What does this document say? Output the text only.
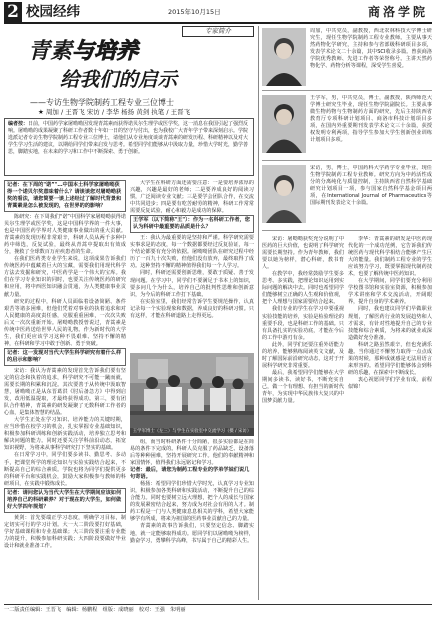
2 校园经纬	2015年10月15日	商洛学院
专家简介
青素与培养
给我们的启示
——专访生物学院制药工程专业三位博士
★ 周加 / 王晋飞 宋访 / 李华 杨扬 黄剑 执笔 / 王晋飞
编者按：日前，中国药学家屠呦呦因发现青蒿素而获得诺贝尔生理学或医学奖，这一消息在我国引起了强烈反响。屠呦呦的成果凝聚了科研工作者数十年如一日的坚守与付出，也为我校广大青年学子带来深刻启示。学院选派记者专访生物学院制药工程专业三位博士，请他们从专业角度谈谈青蒿素的研发历程、科研精神以及对大学生学习生活的建议，以期给同学们带来启发与思考。希望同学们能够从中汲取力量，珍惜大学时光，勤学善思，脚踏实地，在未来的学习和工作中不断探索、勇于创新。
记者：在下周的"诺”"…中国本土科学家屠呦呦获得一个诺贝尔奖意味着什么？请谈谈您对屠呦呦获奖的看法，请您简要一谈上述经过了解时代背景和青蒿素是怎么被发现的，在世界的的影响？

陈研究：在下周我们"诺”中国科学家屠呦呦获得诺贝尔生理学或医学奖，这是中国科学界的一件大事，也是中国医药学界对人类健康事业做出的重大贡献。青蒿素的发现历程非常艰辛，科研人员从两千多种中药中筛选，反复试验，最终从青蒿中提取出有效成分，挽救了全球数百万疟疾患者的生命。

在我们医药类专业学生来说，这项成果告诉我们传统医药中蕴藏着巨大的宝藏，需要我们用现代科学方法去发掘和研究，中医药学是一个伟大的宝库。我们在学习专业知识的同时，也要关注传统医药的研究和应用，将中西医知识融会贯通，为人类健康事业贡献力量。

研究的过程中，科研人员面临着设备简陋、条件艰苦等诸多困难，但他们凭着对事业的执着追求和对人民健康的高度责任感，克服重重困难，一次次失败后又一次次重新开始。屠呦呦教授曾说过，青蒿素是传统中医药送给世界人民的礼物。作为新时代的大学生，我们更应该学习这种不畏艰难、坚持不懈的精神，在科研和学习中敢于创新、勇于突破。

记者：这一发现对当代大学生科学研究有着什么样的启示和影响？

宋访：我认为青蒿素的发现首先告诉我们要有坚定的信念和执着的追求，科学研究不可能一蹴而就，需要长期的积累和沉淀。其次要善于从传统中汲取智慧，屠呦呦正是从东晋葛洪《肘后备急方》中得到启发，改用低温提取，才最终获得成功。第三，要有团队合作精神，青蒿素的研发凝聚了无数科研工作者的心血，是集体智慧的结晶。

大学生正处在学习知识、培养能力的关键时期，应当珍惜在校学习的机会，扎实掌握专业基础知识，积极参加科研训练和创新实践活动，培养独立思考和解决问题的能力。同时还要关注学科前沿动态，拓宽知识视野，为将来从事科学研究打下坚实的基础。

在日常学习中，同学们要多读书、勤思考、多动手，把课堂所学的理论知识与实验实践结合起来，不断提高自己的综合素质。学院也将为同学们提供更多的科研平台和实践机会，鼓励大家积极参与教师的科研项目，在实践中锻炼成长。

记者：请问您认为当代大学生在大学期间应该如何培养自己的科研素养？对于现在的大学生，如何做好大学四年规划？

黄剑：首先要端正学习态度，明确学习目标，制定切实可行的学习计划。大一大二阶段要打好基础，学好基础课程和专业基础课；大三阶段要注重专业能力的提升，积极参加科研实践；大四阶段要做好毕业设计和就业准备工作。

大学生在科研方面还需要注意：一是要培养浓厚的兴趣，兴趣是最好的老师；二是要养成良好的阅读习惯，广泛阅读专业文献；三是要学会团队合作，在交流中共同进步；四是要有吃苦耐劳的精神，科研工作常常需要反复试验，耐心和毅力是成功的保障。

王学军（以下简称"王"）：作为一名科研工作者，您认为科研中最重要的品质是什么？

王：我认为最重要的是坚持和严谨。科学研究需要实事求是的态度，每一个数据都要经过反复验证，每一个结论都要有充分的依据。屠呦呦团队在研究过程中经历了一百九十次失败，但他们没有放弃，最终取得了成功。这种坚持不懈的精神值得我们每一个人学习。

同时，科研还需要创新思维，要敢于质疑、善于发现问题。在学习中，同学们不要满足于书本上的知识，要多问几个为什么，培养自己的批判性思维和创新意识，为今后的科研工作打下基础。

在实验室里，我们经常告诉学生要规范操作，认真记录每一个实验现象和数据，养成良好的科研习惯。只有这样，才能在科研道路上走得更远。

王学军博士（左三）与学生在实验室中交流学习（摄 / 宋访）

组，而当时科研条件十分简陋，很多实验都是在简易的条件下完成的。科研人员克服了药品缺乏、设备落后等种种困难，坚持开展研究工作。他们的奉献精神和家国情怀，值得我们永远铭记和学习。

记者：最后，请您为制药工程专业的学弟学妹们说几句寄语。

杨扬：希望同学们珍惜大学时光，认真学习专业知识，积极参加各类科研和实践活动，不断提升自己的综合能力。同时也要树立远大理想，把个人的成长与国家的发展紧密结合起来，努力成为对社会有用的人才。制药工程是一门与人类健康息息相关的学科，希望大家能够学有所成，将来为祖国的医药事业贡献自己的力量。

青蒿素的故事告诉我们，只要坚定信念、脚踏实地，就一定能够取得成功。愿同学们以屠呦呦为榜样，勤奋学习，勇攀科学高峰，书写属于自己的精彩人生。

周加，中共党员，副教授，西北农林科技大学博士研究生，现任生物学院制药工程专业教师。主要从事天然药物化学研究，主持和参与省部级科研项目多项，发表学术论文二十余篇，其中SCI收录多篇。曾获商洛学院优秀教师、先进工作者等荣誉称号。主讲天然药物化学、药物分析等课程，深受学生喜爱。
王学军，男，中共党员，博士，副教授，陕西师范大学博士研究生毕业，现任生物学院副院长。主要从事微生物药物与生物制药方面的研究，先后主持陕西省教育厅专项科研计划项目、商洛市科技计划项目多项，在国内外重要期刊发表学术论文三十余篇，获授权发明专利两项，指导学生参加大学生创新创业训练计划项目多项。
宋访，男，博士，中国药科大学药学专业毕业，现任生物学院制药工程专业教师。研究方向为中药活性成分的分离纯化与质量控制，主持陕西省自然科学基础研究计划项目一项，参与国家自然科学基金项目两项，在International Journal of Pharmaceutics等国际期刊发表论文十余篇。

宋访：屠呦呦获奖充分说明了中医药的巨大价值，也说明了科学研究需要长期坚持。作为青年教师，我们要以她为榜样，潜心科研，教书育人。

在教学中，我经常鼓励学生要多思考、多实践，把理论知识运用到实际问题的解决中去。同时也希望同学们能够树立正确的人生观和价值观，把个人理想与国家需要结合起来。

我们专业的学生在学习中要重视实验技能的培养，实验是检验理论的重要手段，也是科研工作的基础。只有具备扎实的实验功底，才能在今后的工作中游刃有余。

此外，同学们还要注重外语能力的培养，能够熟练阅读英文文献，及时了解国际前沿研究动态，这对于开展科学研究非常重要。

最后，我希望同学们能够在大学期间多读书、读好书，不断充实自己，做一个有理想、有担当的新时代青年，为实现中华民族伟大复兴的中国梦贡献力量。

李华：青蒿素的研发是中医药现代化的一个成功范例，它告诉我们传统医药与现代科学相结合能够产生巨大的能量。我们制药工程专业的学生应该努力学习，既要掌握现代制药技术，也要了解传统中医药知识。

在大学期间，同学们要充分利用学校图书馆和实验室资源，积极参加学术讲座和学术交流活动，开阔眼界，提升自身的学术素养。

同时，我也建议同学们早做职业规划，了解医药行业的发展趋势和人才需求，有针对性地提升自己的专业技能和综合素质，为将来的就业或深造做好充分准备。

科研之路虽然艰辛，但也充满乐趣。当你通过不懈努力取得一点点成果的时候，那种成就感是无法用语言来形容的。希望同学们能够体会到科研的乐趣，在探索中不断成长。

衷心祝愿同学们学业有成，前程似锦！

一二版责任编辑：王晋飞　编辑：杨鹏程　组版：成晓丽　校对：王强　朱明丽
